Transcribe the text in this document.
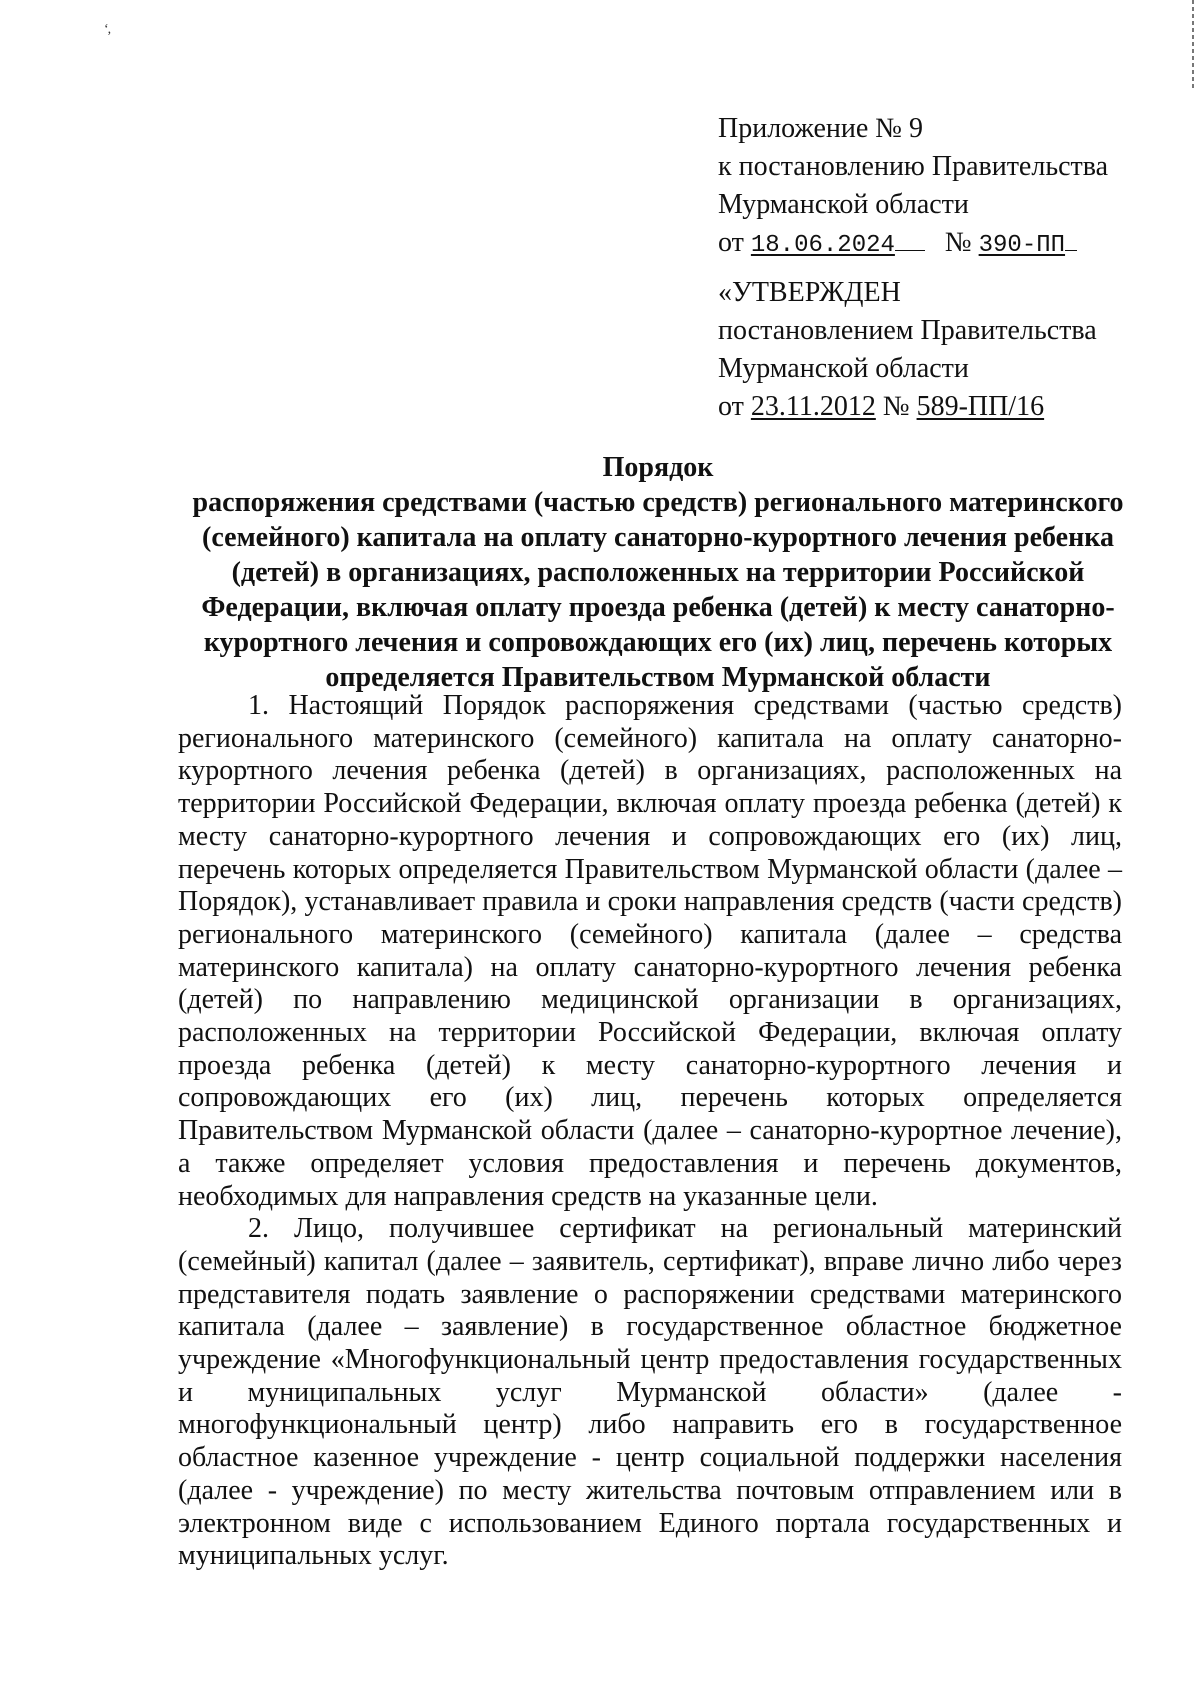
‘,
Приложение № 9
к постановлению Правительства
Мурманской области
от 18.06.2024 № 390-ПП
«УТВЕРЖДЕН
постановлением Правительства
Мурманской области
от 23.11.2012 № 589-ПП/16
Порядок
распоряжения средствами (частью средств) регионального материнского
(семейного) капитала на оплату санаторно-курортного лечения ребенка
(детей) в организациях, расположенных на территории Российской
Федерации, включая оплату проезда ребенка (детей) к месту санаторно-
курортного лечения и сопровождающих его (их) лиц, перечень которых
определяется Правительством Мурманской области

1. Настоящий Порядок распоряжения средствами (частью средств) регионального материнского (семейного) капитала на оплату санаторно-курортного лечения ребенка (детей) в организациях, расположенных на территории Российской Федерации, включая оплату проезда ребенка (детей) к месту санаторно-курортного лечения и сопровождающих его (их) лиц, перечень которых определяется Правительством Мурманской области (далее – Порядок), устанавливает правила и сроки направления средств (части средств) регионального материнского (семейного) капитала (далее – средства материнского капитала) на оплату санаторно-курортного лечения ребенка (детей) по направлению медицинской организации в организациях, расположенных на территории Российской Федерации, включая оплату проезда ребенка (детей) к месту санаторно-курортного лечения и сопровождающих его (их) лиц, перечень которых определяется Правительством Мурманской области (далее – санаторно-курортное лечение), а также определяет условия предоставления и перечень документов, необходимых для направления средств на указанные цели.

2. Лицо, получившее сертификат на региональный материнский (семейный) капитал (далее – заявитель, сертификат), вправе лично либо через представителя подать заявление о распоряжении средствами материнского капитала (далее – заявление) в государственное областное бюджетное учреждение «Многофункциональный центр предоставления государственных и муниципальных услуг Мурманской области» (далее - многофункциональный центр) либо направить его в государственное областное казенное учреждение - центр социальной поддержки населения (далее - учреждение) по месту жительства почтовым отправлением или в электронном виде с использованием Единого портала государственных и муниципальных услуг.
